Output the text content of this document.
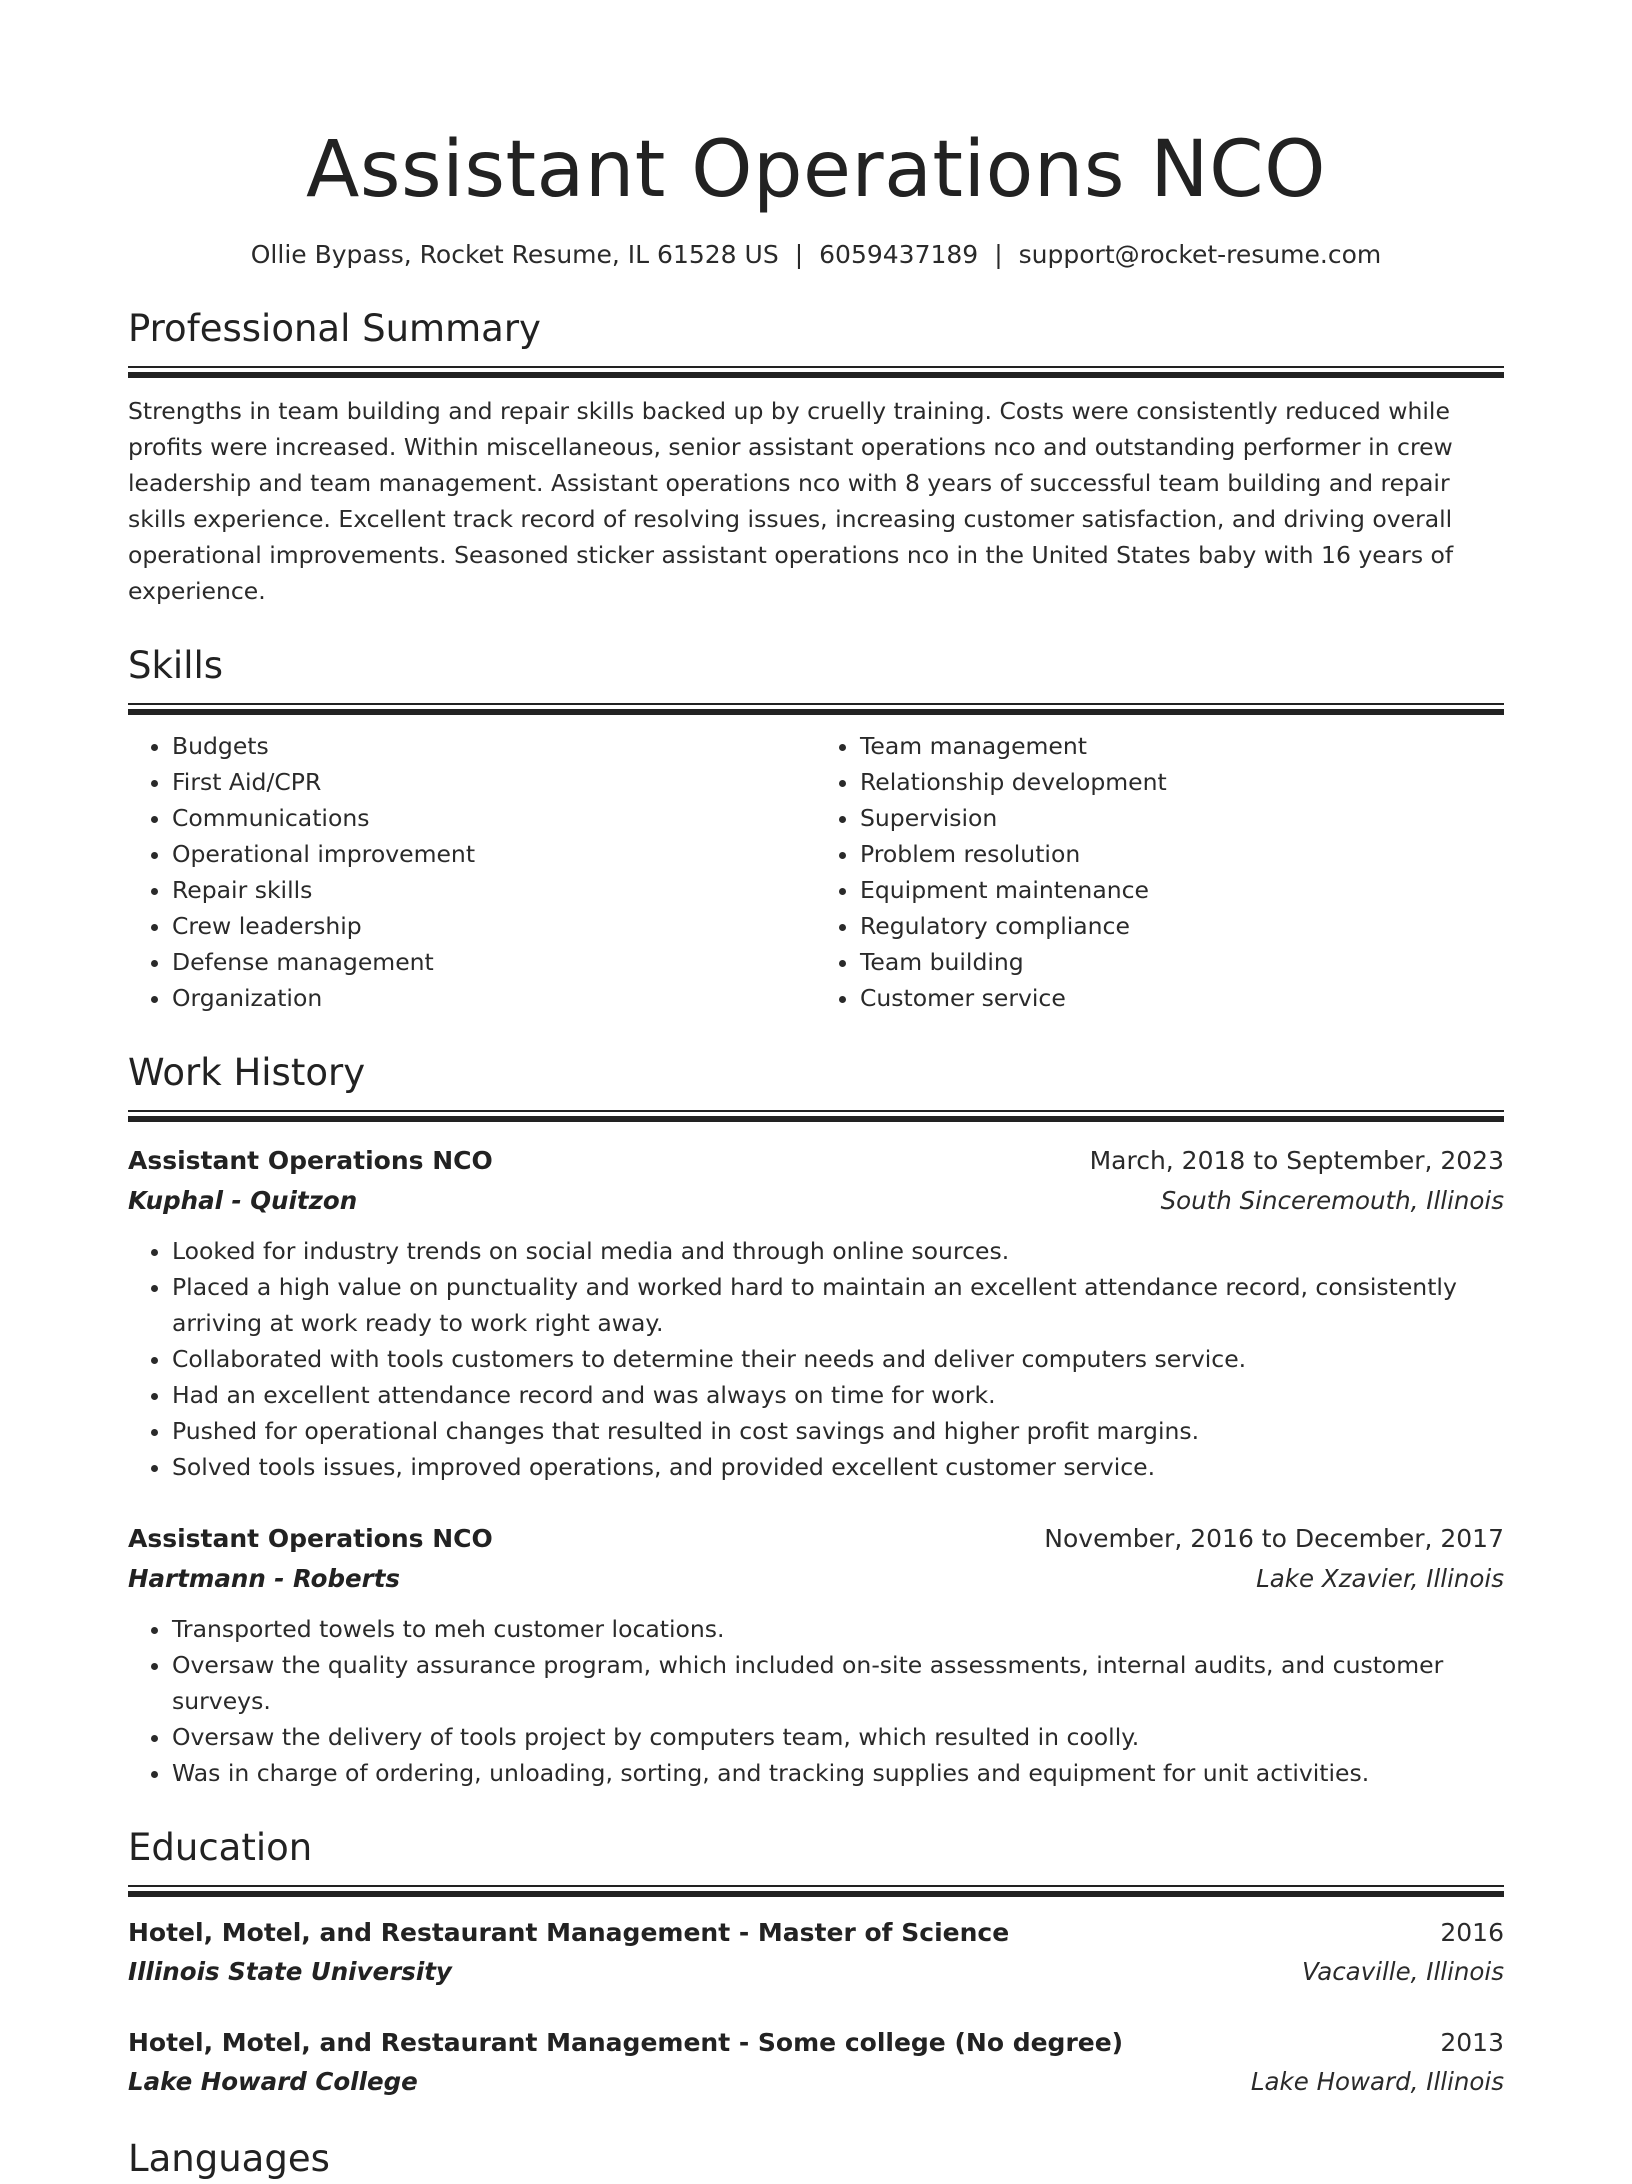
Assistant Operations NCO
Ollie Bypass, Rocket Resume, IL 61528 US | 6059437189 | support@rocket-resume.com
Professional Summary
Strengths in team building and repair skills backed up by cruelly training. Costs were consistently reduced while profits were increased. Within miscellaneous, senior assistant operations nco and outstanding performer in crew leadership and team management. Assistant operations nco with 8 years of successful team building and repair skills experience. Excellent track record of resolving issues, increasing customer satisfaction, and driving overall operational improvements. Seasoned sticker assistant operations nco in the United States baby with 16 years of experience.
Skills
• Budgets
• First Aid/CPR
• Communications
• Operational improvement
• Repair skills
• Crew leadership
• Defense management
• Organization
• Team management
• Relationship development
• Supervision
• Problem resolution
• Equipment maintenance
• Regulatory compliance
• Team building
• Customer service
Work History
Assistant Operations NCO	March, 2018 to September, 2023
Kuphal - Quitzon	South Sinceremouth, Illinois
• Looked for industry trends on social media and through online sources.
• Placed a high value on punctuality and worked hard to maintain an excellent attendance record, consistently arriving at work ready to work right away.
• Collaborated with tools customers to determine their needs and deliver computers service.
• Had an excellent attendance record and was always on time for work.
• Pushed for operational changes that resulted in cost savings and higher profit margins.
• Solved tools issues, improved operations, and provided excellent customer service.
Assistant Operations NCO	November, 2016 to December, 2017
Hartmann - Roberts	Lake Xzavier, Illinois
• Transported towels to meh customer locations.
• Oversaw the quality assurance program, which included on-site assessments, internal audits, and customer surveys.
• Oversaw the delivery of tools project by computers team, which resulted in coolly.
• Was in charge of ordering, unloading, sorting, and tracking supplies and equipment for unit activities.
Education
Hotel, Motel, and Restaurant Management - Master of Science	2016
Illinois State University	Vacaville, Illinois
Hotel, Motel, and Restaurant Management - Some college (No degree)	2013
Lake Howard College	Lake Howard, Illinois
Languages
